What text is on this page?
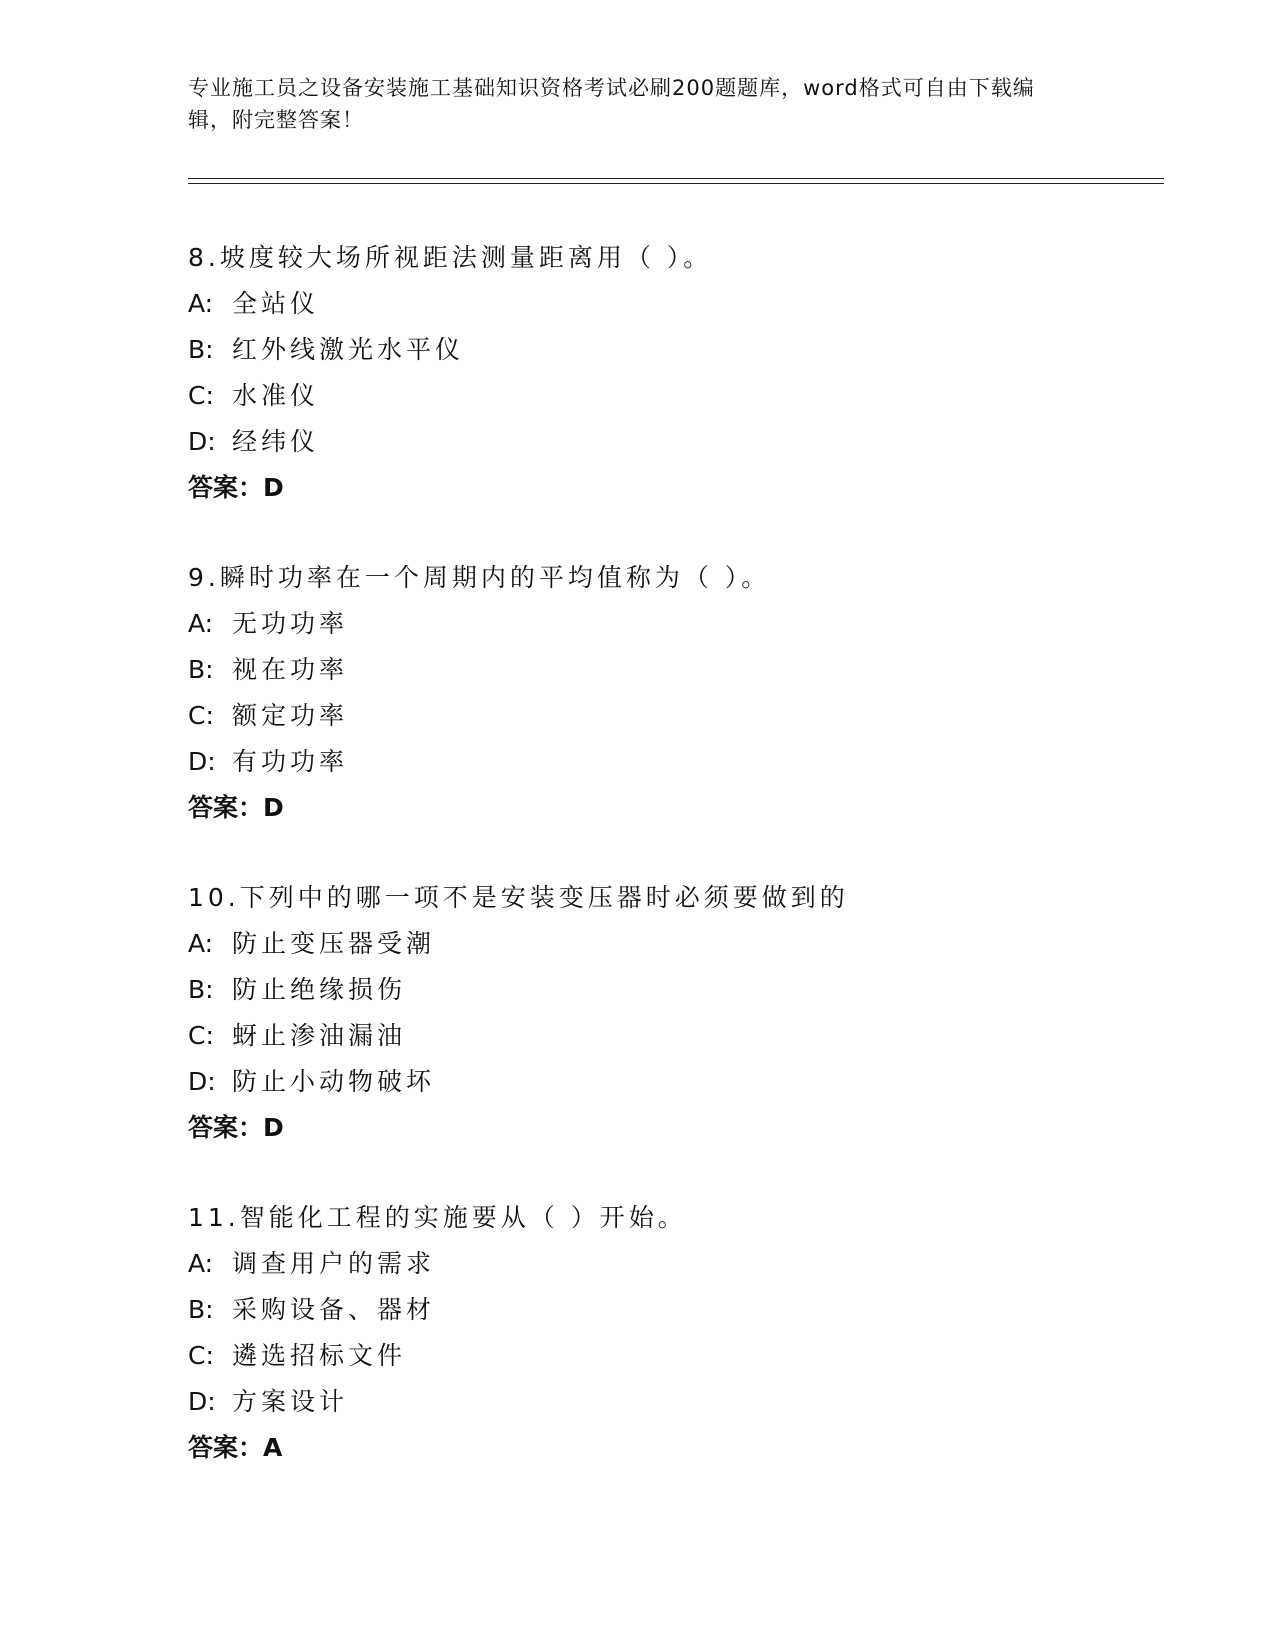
专业施工员之设备安装施工基础知识资格考试必刷200题题库，word格式可自由下载编辑，附完整答案！
8.坡度较大场所视距法测量距离用（ ）。
A: 全站仪
B: 红外线激光水平仪
C: 水准仪
D: 经纬仪
答案：D
9.瞬时功率在一个周期内的平均值称为（ ）。
A: 无功功率
B: 视在功率
C: 额定功率
D: 有功功率
答案：D
10.下列中的哪一项不是安装变压器时必须要做到的
A: 防止变压器受潮
B: 防止绝缘损伤
C: 蚜止渗油漏油
D: 防止小动物破坏
答案：D
11.智能化工程的实施要从（ ）开始。
A: 调查用户的需求
B: 采购设备、器材
C: 遴选招标文件
D: 方案设计
答案：A
